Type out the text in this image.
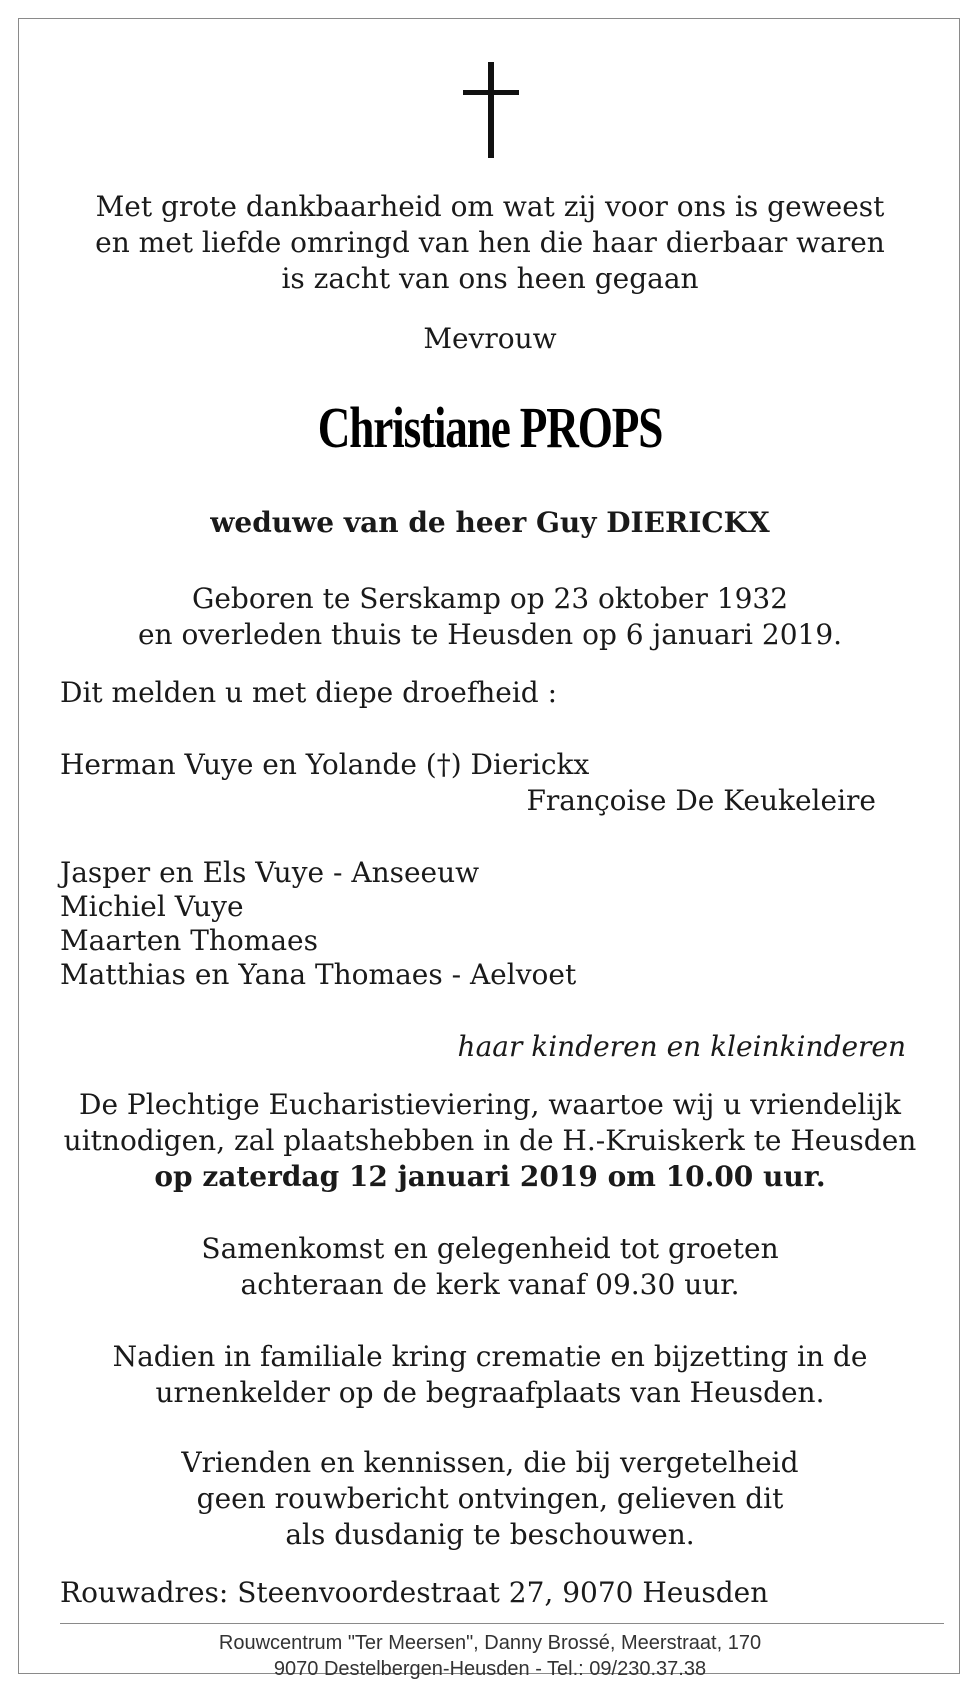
Met grote dankbaarheid om wat zij voor ons is geweest
en met liefde omringd van hen die haar dierbaar waren
is zacht van ons heen gegaan
Mevrouw
Christiane PROPS
weduwe van de heer Guy DIERICKX
Geboren te Serskamp op 23 oktober 1932
en overleden thuis te Heusden op 6 januari 2019.
Dit melden u met diepe droefheid :
Herman Vuye en Yolande (†) Dierickx
Françoise De Keukeleire
Jasper en Els Vuye - Anseeuw
Michiel Vuye
Maarten Thomaes
Matthias en Yana Thomaes - Aelvoet
haar kinderen en kleinkinderen
De Plechtige Eucharistieviering, waartoe wij u vriendelijk
uitnodigen, zal plaatshebben in de H.-Kruiskerk te Heusden
op zaterdag 12 januari 2019 om 10.00 uur.
Samenkomst en gelegenheid tot groeten
achteraan de kerk vanaf 09.30 uur.
Nadien in familiale kring crematie en bijzetting in de
urnenkelder op de begraafplaats van Heusden.
Vrienden en kennissen, die bij vergetelheid
geen rouwbericht ontvingen, gelieven dit
als dusdanig te beschouwen.
Rouwadres: Steenvoordestraat 27, 9070 Heusden
Rouwcentrum "Ter Meersen", Danny Brossé, Meerstraat, 170
9070 Destelbergen-Heusden - Tel.: 09/230.37.38
